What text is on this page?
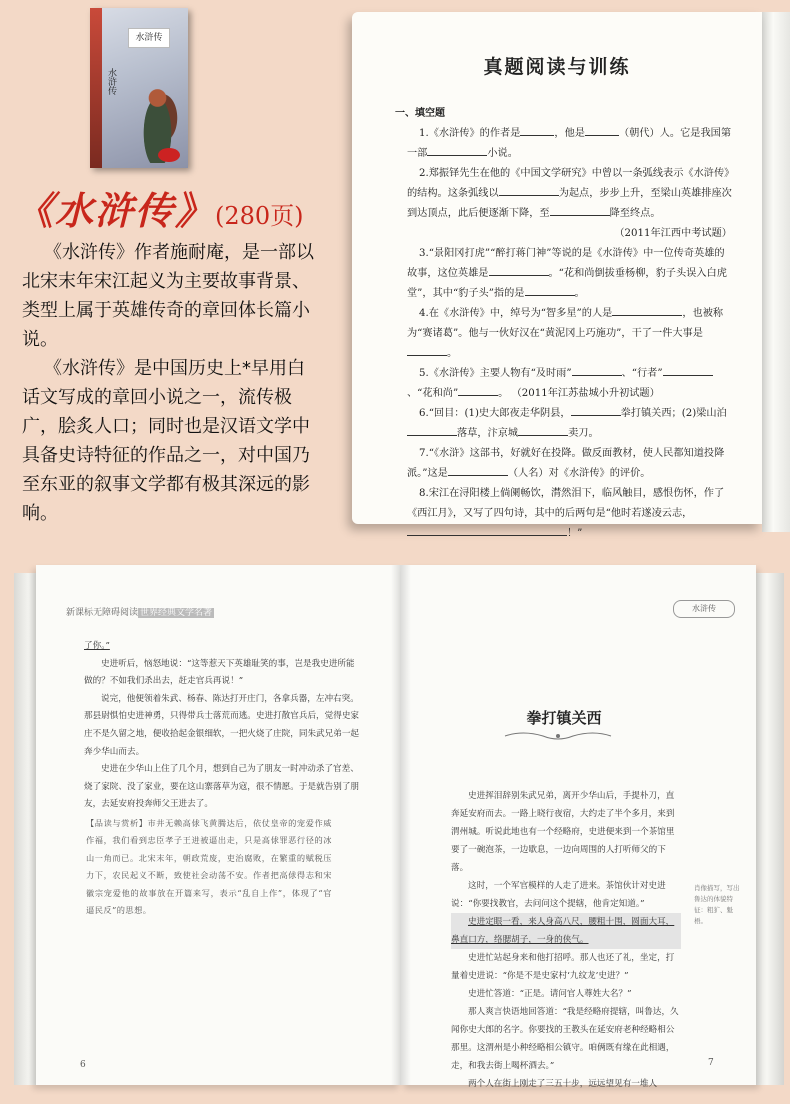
水浒传
水浒传
《水浒传》(280页)

《水浒传》作者施耐庵，是一部以北宋末年宋江起义为主要故事背景、类型上属于英雄传奇的章回体长篇小说。

《水浒传》是中国历史上*早用白话文写成的章回小说之一，流传极广，脍炙人口；同时也是汉语文学中具备史诗特征的作品之一，对中国乃至东亚的叙事文学都有极其深远的影响。

真题阅读与训练
一、填空题

1.《水浒传》的作者是	，他是	（朝代）人。它是我国第一部	小说。

2.郑振铎先生在他的《中国文学研究》中曾以一条弧线表示《水浒传》的结构。这条弧线以	为起点，步步上升，至梁山英雄排座次到达顶点，此后便逐渐下降，至	降至终点。

（2011年江西中考试题）

3.“景阳冈打虎”“醉打蒋门神”等说的是《水浒传》中一位传奇英雄的故事，这位英雄是	。“花和尚倒拔垂杨柳，豹子头误入白虎堂”，其中“豹子头”指的是	。

4.在《水浒传》中，绰号为“智多星”的人是	，也被称为“赛诸葛”。他与一伙好汉在“黄泥冈上巧施功”，干了一件大事是。

5.《水浒传》主要人物有“及时雨”	、“行者”、“花和尚”	。 （2011年江苏盐城小升初试题）

6.“回目：(1)史大郎夜走华阴县，	拳打镇关西；(2)梁山泊落草，汴京城	卖刀。

7.“《水浒》这部书，好就好在投降。做反面教材，使人民都知道投降派。”这是	（人名）对《水浒传》的评价。

8.宋江在浔阳楼上倘阑畅饮，潸然泪下，临风触目，感恨伤怀，作了《西江月》，又写了四句诗，其中的后两句是“他时若遂凌云志，！”

新课标无障碍阅读 世界经典文学名著

了你。”

史进听后，恼怒地说：“这等惹天下英雄耻笑的事，岂是我史进所能做的？不如我们杀出去，赶走官兵再说！”

说完，他便领着朱武、杨春、陈达打开庄门，各拿兵器，左冲右突。那县尉惧怕史进神勇，只得带兵士落荒而逃。史进打散官兵后，觉得史家庄不是久留之地，便收拾起金银细软，一把火烧了庄院，同朱武兄弟一起奔少华山而去。

史进在少华山上住了几个月，想到自己为了朋友一时冲动杀了官差、烧了家院、没了家业，要在这山寨落草为寇，很不情愿。于是就告别了朋友，去延安府投奔师父王进去了。

【品读与赏析】市井无赖高俅飞黄腾达后，依仗皇帝的宠爱作威作福，我们看到忠臣孝子王进被逼出走，只是高俅罪恶行径的冰山一角而已。北宋末年，朝政荒废，吏治腐败，在繁重的赋税压力下，农民起义不断，致使社会动荡不安。作者把高俅得志和宋徽宗宠爱他的故事放在开篇来写，表示“乱自上作”，体现了“官逼民反”的思想。
6
水浒传
拳打镇关西

史进挥泪辞别朱武兄弟，离开少华山后，手提朴刀，直奔延安府而去。一路上晓行夜宿，大约走了半个多月，来到渭州城。听说此地也有一个经略府，史进便来到一个茶馆里要了一碗泡茶，一边歇息，一边向周围的人打听师父的下落。

这时，一个军官模样的人走了进来。茶馆伙计对史进说：“你要找教官，去问问这个提辖，他肯定知道。”

史进定眼一看，来人身高八尺，腰粗十围，圆面大耳，鼻直口方，络腮胡子，一身的侠气。

史进忙站起身来和他打招呼。那人也还了礼，坐定，打量着史进说：“你是不是史家村‘九纹龙’史进？”

史进忙答道：“正是。请问官人尊姓大名？”

那人爽言快语地回答道：“我是经略府提辖，叫鲁达，久闻你史大郎的名字。你要找的王教头在延安府老种经略相公那里。这渭州是小种经略相公镇守。咱俩既有缘在此相遇，走，和我去街上喝杯酒去。”

两个人在街上刚走了三五十步，远远望见有一堆人

肖像描写，写出鲁达的体貌特征：粗犷、魁梧。
7
